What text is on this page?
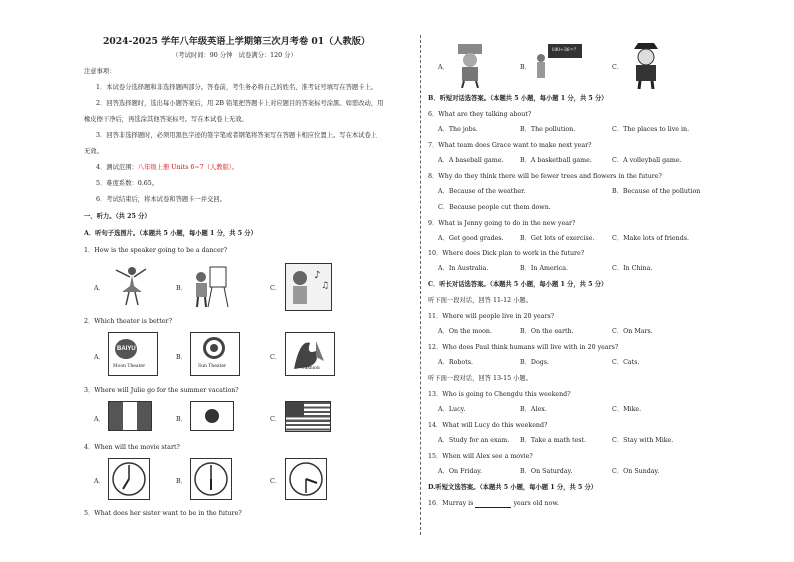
2024-2025 学年八年级英语上学期第三次月考卷 01（人教版）
（考试时间：90 分钟　试卷满分：120 分）
注意事项：
1．本试卷分选择题和非选择题两部分。答卷前，考生务必将自己的姓名、准考证号填写在答题卡上。
2．回答选择题时，选出每小题答案后，用 2B 铅笔把答题卡上对应题目的答案标号涂黑。如需改动，用
橡皮擦干净后，再选涂其他答案标号。写在本试卷上无效。
3．回答非选择题时，必须用黑色字迹的签字笔或者钢笔将答案写在答题卡相应位置上。写在本试卷上
无效。
4．测试范围：八年级上册 Units 6~7（人教版）。
5．难度系数：0.65。
6．考试结束后，将本试卷和答题卡一并交回。
一、听力。（共 25 分）
A．听句子选图片。（本题共 5 小题，每小题 1 分，共 5 分）
1．How is the speaker going to be a dancer?
A．	B．	C．
♪
♫
2．Which theater is better?
A．
BAIYU
Moon Theater
B．
Sun Theater
C．
Fashion
3．Where will Julie go for the summer vacation?
A．	B．	C．
4．When will the movie start?
A．	B．	C．
5．What does her sister want to be in the future?
A．	B．
180÷36＝？
C．
B．听短对话选答案。（本题共 5 小题，每小题 1 分，共 5 分）
6．What are they talking about?
A．The jobs.	B．The pollution.	C．The places to live in.
7．What team does Grace want to make next year?
A．A baseball game.	B．A basketball game.	C．A volleyball game.
8．Why do they think there will be fewer trees and flowers in the future?
A．Because of the weather.	B．Because of the pollution
C．Because people cut them down.
9．What is Jenny going to do in the new year?
A．Get good grades.	B．Get lots of exercise.	C．Make lots of friends.
10．Where does Dick plan to work in the future?
A．In Australia.	B．In America.	C．In China.
C．听长对话选答案。（本题共 5 小题，每小题 1 分，共 5 分）
听下面一段对话，回答 11-12 小题。
11．Where will people live in 20 years?
A．On the moon.	B．On the earth.	C．On Mars.
12．Who does Paul think humans will live with in 20 years?
A．Robots.	B．Dogs.	C．Cats.
听下面一段对话，回答 13-15 小题。
13．Who is going to Chengdu this weekend?
A．Lucy.	B．Alex.	C．Mike.
14．What will Lucy do this weekend?
A．Study for an exam. B．Take a math test.	C．Stay with Mike.
15．When will Alex see a movie?
A．On Friday.	B．On Saturday.	C．On Sunday.
D.听短文选答案。（本题共 5 小题，每小题 1 分，共 5 分）
16．Murray is	years old now.
